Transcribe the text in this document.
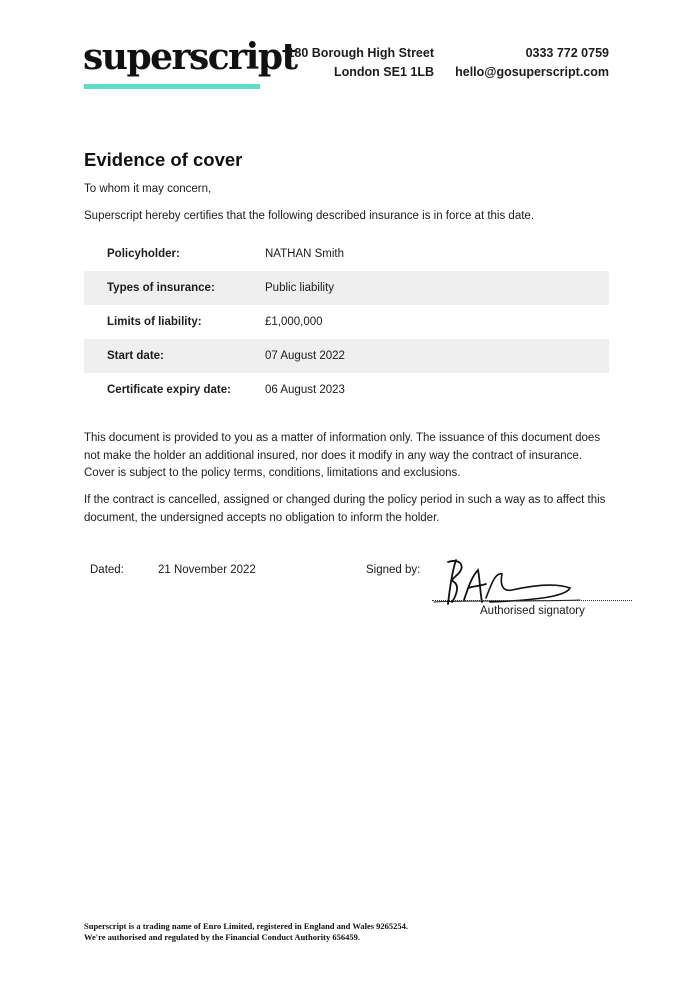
superscript
180 Borough High Street
London SE1 1LB
0333 772 0759
hello@gosuperscript.com
Evidence of cover
To whom it may concern,
Superscript hereby certifies that the following described insurance is in force at this date.
Policyholder:	NATHAN Smith
Types of insurance:	Public liability
Limits of liability:	£1,000,000
Start date:	07 August 2022
Certificate expiry date:	06 August 2023
This document is provided to you as a matter of information only. The issuance of this document does not make the holder an additional insured, nor does it modify in any way the contract of insurance. Cover is subject to the policy terms, conditions, limitations and exclusions.
If the contract is cancelled, assigned or changed during the policy period in such a way as to affect this document, the undersigned accepts no obligation to inform the holder.
Dated:	21 November 2022	Signed by:
Authorised signatory
Superscript is a trading name of Enro Limited, registered in England and Wales 9265254.
We're authorised and regulated by the Financial Conduct Authority 656459.
